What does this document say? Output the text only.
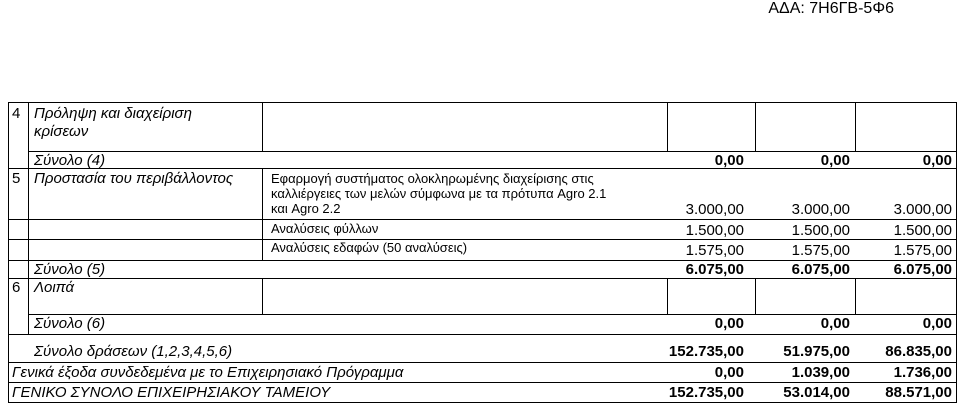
ΑΔΑ: 7Η6ΓΒ-5Φ6
4 Πρόληψη και διαχείριση
κρίσεων
Σύνολο (4)	0,00	0,00	0,00
5 Προστασία του περιβάλλοντος	Εφαρμογή συστήματος ολοκληρωμένης διαχείρισης στις
καλλιέργειες των μελών σύμφωνα με τα πρότυπα Agro 2.1
και Agro 2.2	3.000,00	3.000,00	3.000,00
Αναλύσεις φύλλων	1.500,00	1.500,00	1.500,00
Αναλύσεις εδαφών (50 αναλύσεις)	1.575,00	1.575,00	1.575,00
Σύνολο (5)	6.075,00	6.075,00	6.075,00
6 Λοιπά
Σύνολο (6)	0,00	0,00	0,00
Σύνολο δράσεων (1,2,3,4,5,6)	152.735,00	51.975,00	86.835,00
Γενικά έξοδα συνδεδεμένα με το Επιχειρησιακό Πρόγραμμα	0,00	1.039,00	1.736,00
ΓΕΝΙΚΟ ΣΥΝΟΛΟ ΕΠΙΧΕΙΡΗΣΙΑΚΟΥ ΤΑΜΕΙΟΥ	152.735,00	53.014,00	88.571,00
